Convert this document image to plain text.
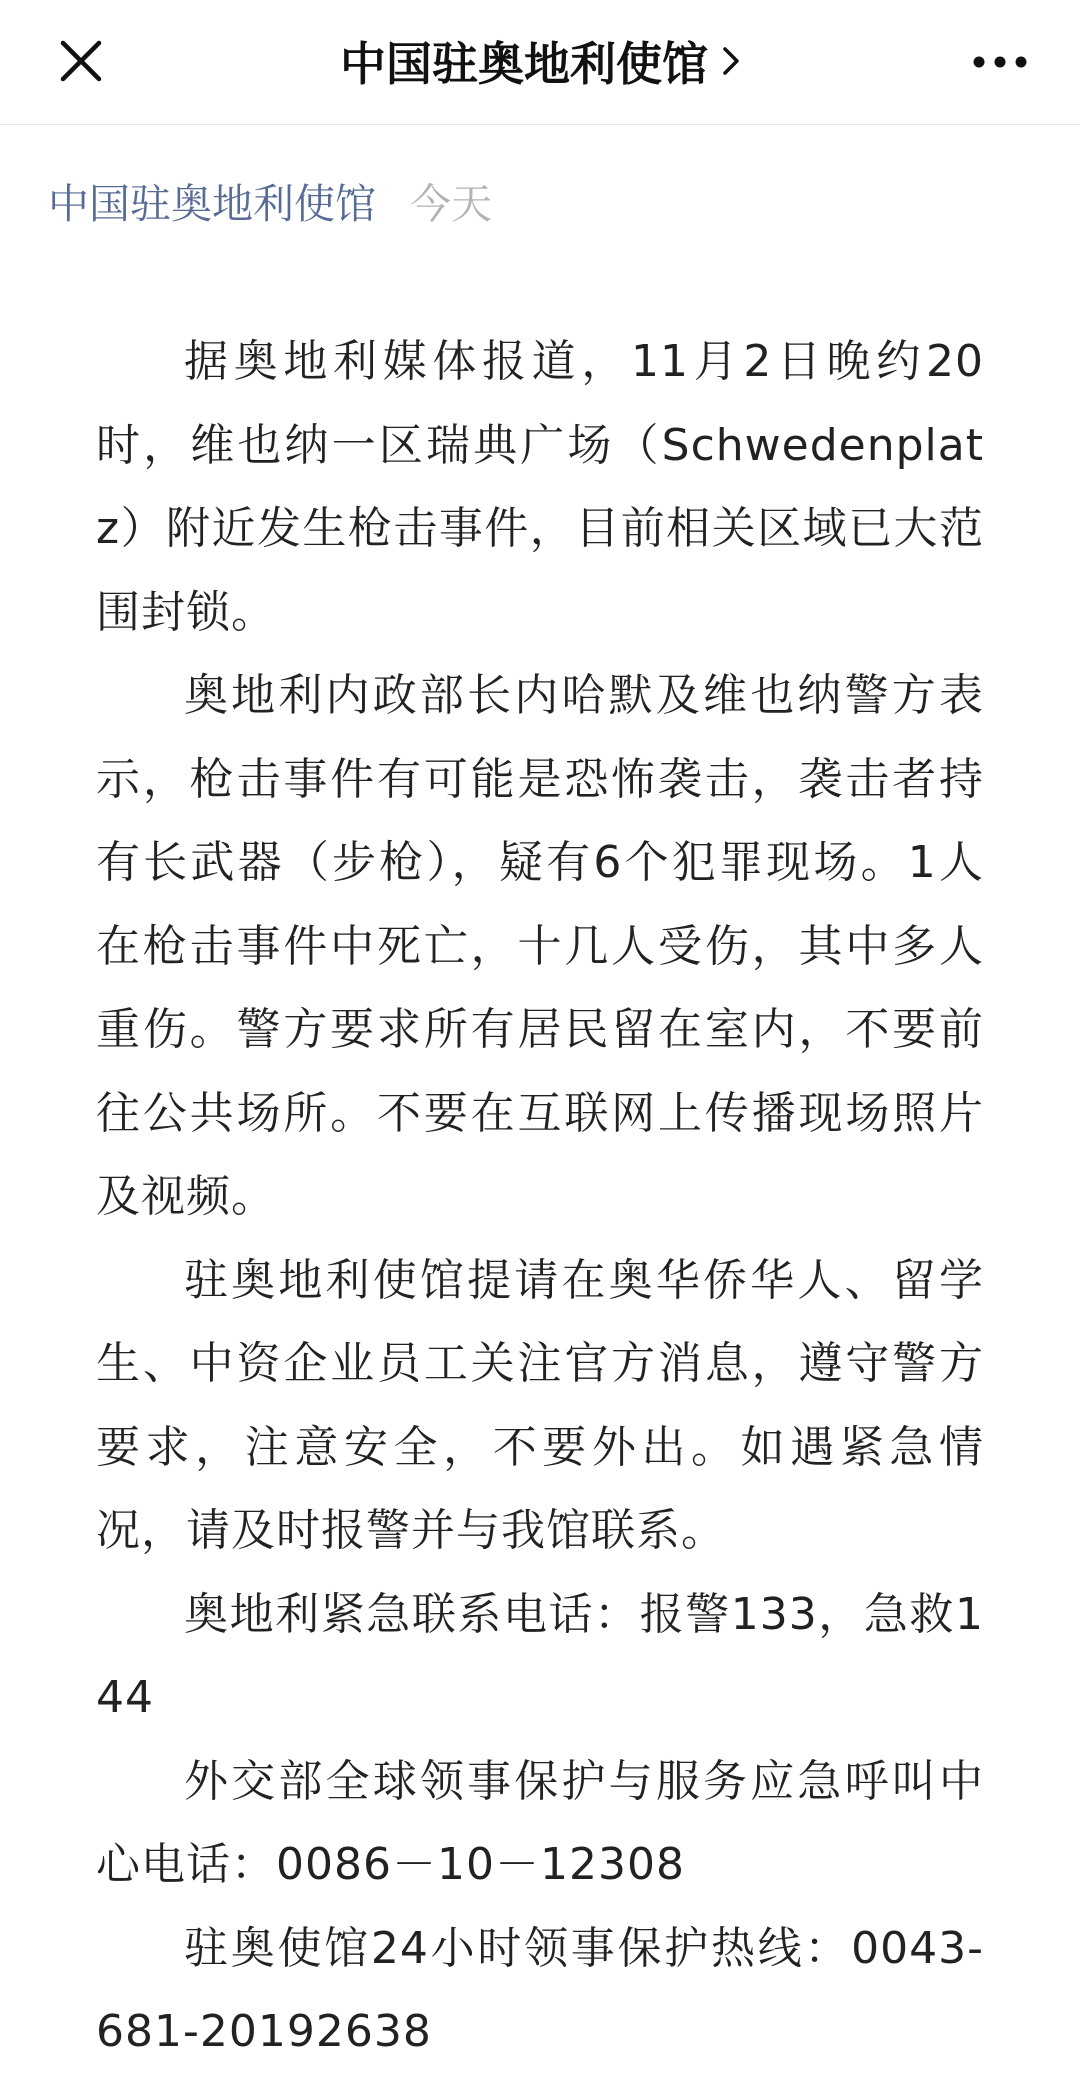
中国驻奥地利使馆
中国驻奥地利使馆 今天

据奥地利媒体报道，11月2日晚约20时，维也纳一区瑞典广场（Schwedenplatz）附近发生枪击事件，目前相关区域已大范围封锁。

奥地利内政部长内哈默及维也纳警方表示，枪击事件有可能是恐怖袭击，袭击者持有长武器（步枪），疑有6个犯罪现场。1人在枪击事件中死亡，十几人受伤，其中多人重伤。警方要求所有居民留在室内，不要前往公共场所。不要在互联网上传播现场照片及视频。

驻奥地利使馆提请在奥华侨华人、留学生、中资企业员工关注官方消息，遵守警方要求，注意安全，不要外出。如遇紧急情况，请及时报警并与我馆联系。

奥地利紧急联系电话：报警133，急救144

外交部全球领事保护与服务应急呼叫中心电话：0086－10－12308

驻奥使馆24小时领事保护热线：0043-681-20192638
